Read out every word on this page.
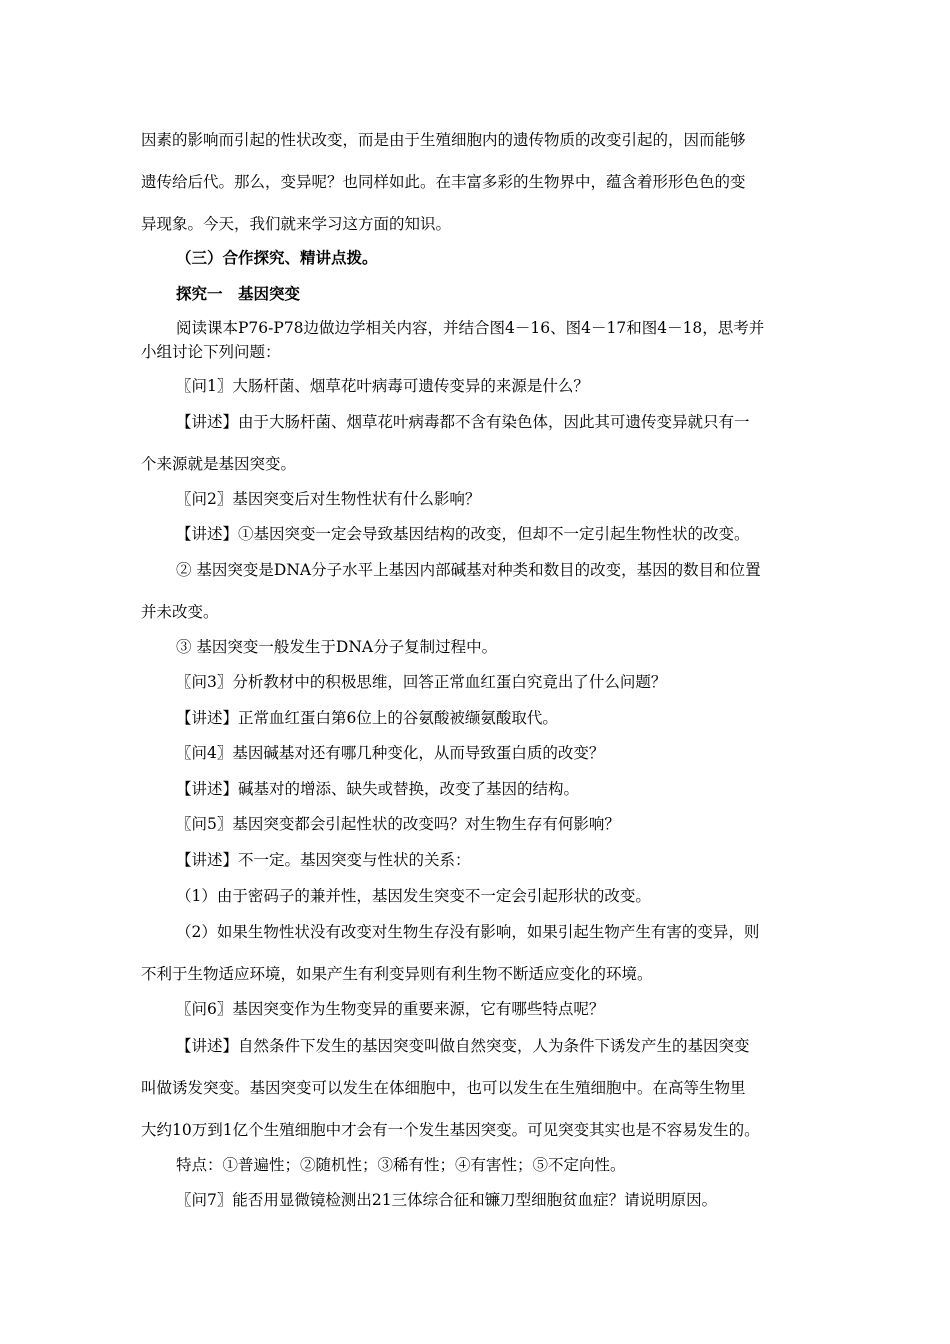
因素的影响而引起的性状改变，而是由于生殖细胞内的遗传物质的改变引起的，因而能够
遗传给后代。那么，变异呢？也同样如此。在丰富多彩的生物界中，蕴含着形形色色的变
异现象。今天，我们就来学习这方面的知识。
（三）合作探究、精讲点拨。
探究一　基因突变
阅读课本P76-P78边做边学相关内容，并结合图4－16、图4－17和图4－18，思考并
小组讨论下列问题：
〖问1〗大肠杆菌、烟草花叶病毒可遗传变异的来源是什么？
【讲述】由于大肠杆菌、烟草花叶病毒都不含有染色体，因此其可遗传变异就只有一
个来源就是基因突变。
〖问2〗基因突变后对生物性状有什么影响？
【讲述】①基因突变一定会导致基因结构的改变，但却不一定引起生物性状的改变。
② 基因突变是DNA分子水平上基因内部碱基对种类和数目的改变，基因的数目和位置
并未改变。
③ 基因突变一般发生于DNA分子复制过程中。
〖问3〗分析教材中的积极思维，回答正常血红蛋白究竟出了什么问题？
【讲述】正常血红蛋白第6位上的谷氨酸被缬氨酸取代。
〖问4〗基因碱基对还有哪几种变化，从而导致蛋白质的改变？
【讲述】碱基对的增添、缺失或替换，改变了基因的结构。
〖问5〗基因突变都会引起性状的改变吗？对生物生存有何影响？
【讲述】不一定。基因突变与性状的关系：
（1）由于密码子的兼并性，基因发生突变不一定会引起形状的改变。
（2）如果生物性状没有改变对生物生存没有影响，如果引起生物产生有害的变异，则
不利于生物适应环境，如果产生有利变异则有利生物不断适应变化的环境。
〖问6〗基因突变作为生物变异的重要来源，它有哪些特点呢？
【讲述】自然条件下发生的基因突变叫做自然突变，人为条件下诱发产生的基因突变
叫做诱发突变。基因突变可以发生在体细胞中，也可以发生在生殖细胞中。在高等生物里
大约10万到1亿个生殖细胞中才会有一个发生基因突变。可见突变其实也是不容易发生的。
特点：①普遍性；②随机性；③稀有性；④有害性；⑤不定向性。
〖问7〗能否用显微镜检测出21三体综合征和镰刀型细胞贫血症？请说明原因。
